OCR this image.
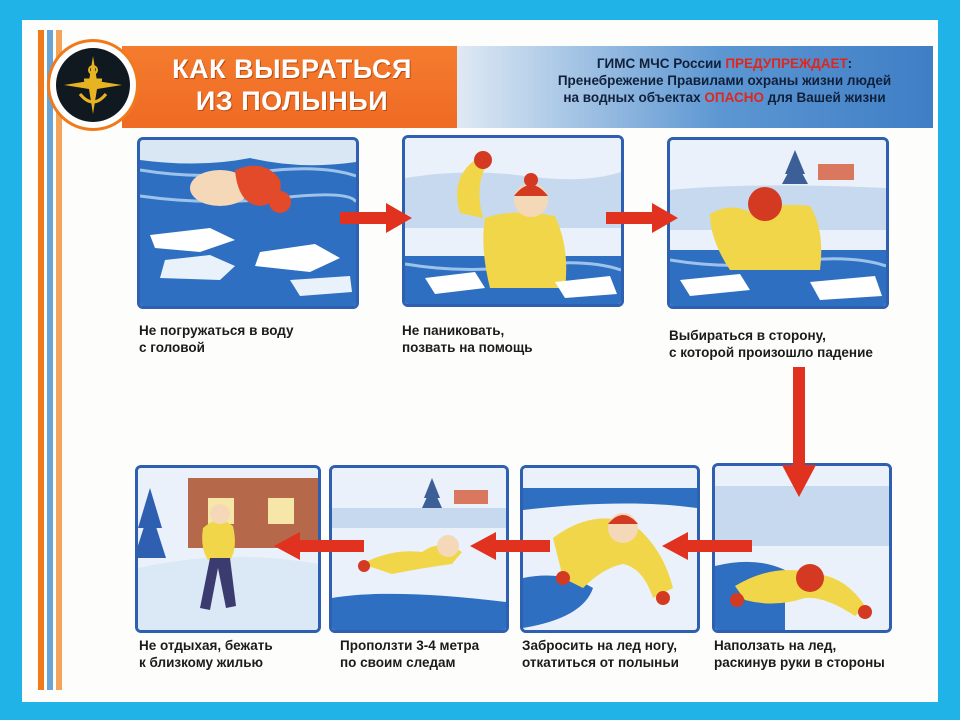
КАК ВЫБРАТЬСЯ
ИЗ ПОЛЫНЬИ
ГИМС МЧС России ПРЕДУПРЕЖДАЕТ:
Пренебрежение Правилами охраны жизни людей
на водных объектах ОПАСНО для Вашей жизни
Не погружаться в воду
с головой
Не паниковать,
позвать на помощь
Выбираться в сторону,
с которой произошло падение
Наползать на лед,
раскинув руки в стороны
Забросить на лед ногу,
откатиться от полыньи
Проползти 3-4 метра
по своим следам
Не отдыхая, бежать
к близкому жилью
